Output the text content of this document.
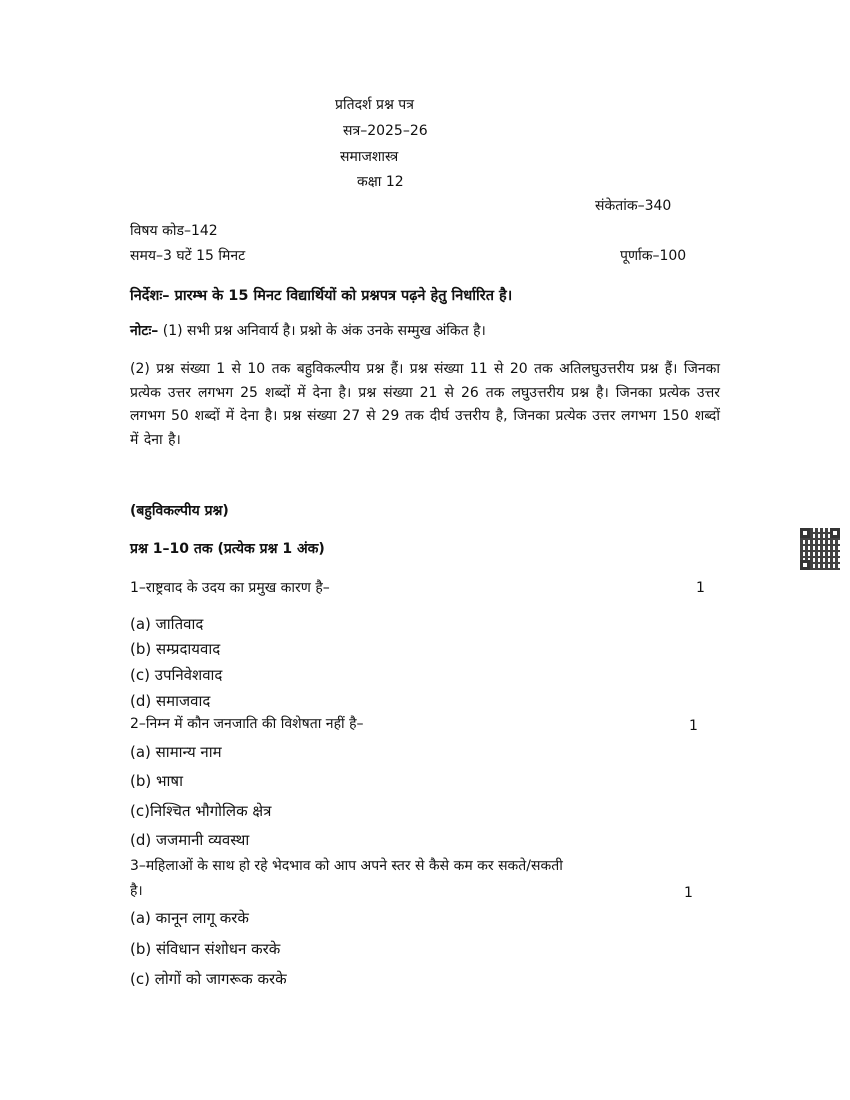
प्रतिदर्श प्रश्न पत्र
सत्र–2025–26
समाजशास्त्र
कक्षा 12
संकेतांक–340
विषय कोड–142
समय–3 घटें 15 मिनट	पूर्णाक–100
निर्देशः– प्रारम्भ के 15 मिनट विद्यार्थियों को प्रश्नपत्र पढ़ने हेतु निर्धारित है।
नोटः– (1) सभी प्रश्न अनिवार्य है। प्रश्नो के अंक उनके सम्मुख अंकित है।
(2) प्रश्न संख्या 1 से 10 तक बहुविकल्पीय प्रश्न हैं। प्रश्न संख्या 11 से 20 तक अतिलघुउत्तरीय प्रश्न हैं। जिनका प्रत्येक उत्तर लगभग 25 शब्दों में देना है। प्रश्न संख्या 21 से 26 तक लघुउत्तरीय प्रश्न है। जिनका प्रत्येक उत्तर लगभग 50 शब्दों में देना है। प्रश्न संख्या 27 से 29 तक दीर्घ उत्तरीय है, जिनका प्रत्येक उत्तर लगभग 150 शब्दों में देना है।
(बहुविकल्पीय प्रश्न)
प्रश्न 1–10 तक (प्रत्येक प्रश्न 1 अंक)
1–राष्ट्रवाद के उदय का प्रमुख कारण है–	1
(a) जातिवाद
(b) सम्प्रदायवाद
(c) उपनिवेशवाद
(d) समाजवाद
2–निम्न में कौन जनजाति की विशेषता नहीं है–	1
(a) सामान्य नाम
(b) भाषा
(c)निश्चित भौगोलिक क्षेत्र
(d) जजमानी व्यवस्था
3–महिलाओं के साथ हो रहे भेदभाव को आप अपने स्तर से कैसे कम कर सकते/सकती
है।	1
(a) कानून लागू करके
(b) संविधान संशोधन करके
(c) लोगों को जागरूक करके
